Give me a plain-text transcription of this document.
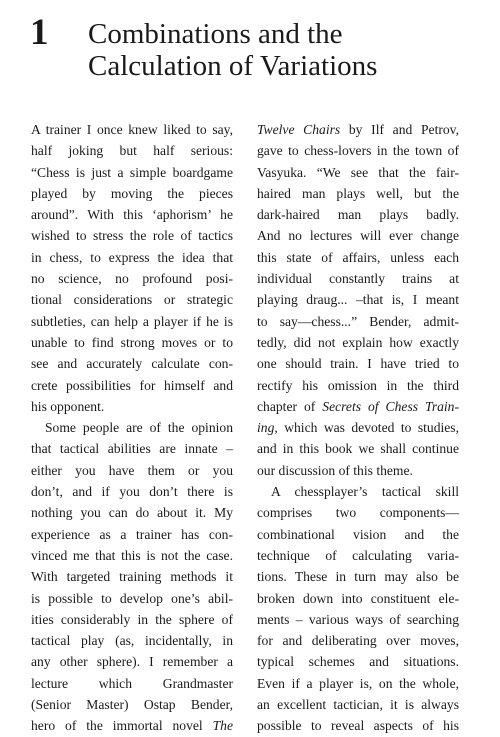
1 Combinations and the
Calculation of Variations
A trainer I once knew liked to say,
half joking but half serious:
“Chess is just a simple boardgame
played by moving the pieces
around”. With this ‘aphorism’ he
wished to stress the role of tactics
in chess, to express the idea that
no science, no profound posi-
tional considerations or strategic
subtleties, can help a player if he is
unable to find strong moves or to
see and accurately calculate con-
crete possibilities for himself and
his opponent.
Some people are of the opinion
that tactical abilities are innate –
either you have them or you
don’t, and if you don’t there is
nothing you can do about it. My
experience as a trainer has con-
vinced me that this is not the case.
With targeted training methods it
is possible to develop one’s abil-
ities considerably in the sphere of
tactical play (as, incidentally, in
any other sphere). I remember a
lecture which Grandmaster
(Senior Master) Ostap Bender,
hero of the immortal novel The
Twelve Chairs by Ilf and Petrov,
gave to chess-lovers in the town of
Vasyuka. “We see that the fair-
haired man plays well, but the
dark-haired man plays badly.
And no lectures will ever change
this state of affairs, unless each
individual constantly trains at
playing draug... –that is, I meant
to say—chess...” Bender, admit-
tedly, did not explain how exactly
one should train. I have tried to
rectify his omission in the third
chapter of Secrets of Chess Train-
ing, which was devoted to studies,
and in this book we shall continue
our discussion of this theme.
A chessplayer’s tactical skill
comprises two components—
combinational vision and the
technique of calculating varia-
tions. These in turn may also be
broken down into constituent ele-
ments – various ways of searching
for and deliberating over moves,
typical schemes and situations.
Even if a player is, on the whole,
an excellent tactician, it is always
possible to reveal aspects of his
